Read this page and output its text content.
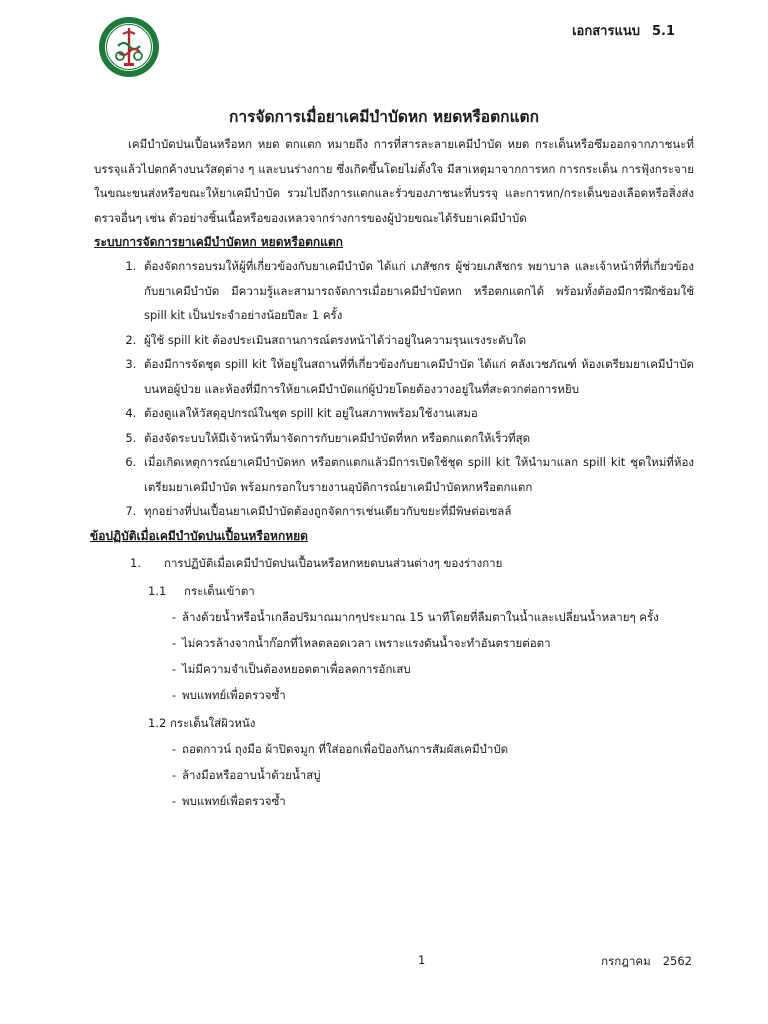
เอกสารแนบ 5.1
การจัดการเมื่อยาเคมีบำบัดหก หยดหรือตกแตก

เคมีบำบัดปนเปื้อนหรือหก หยด ตกแตก หมายถึง การที่สารละลายเคมีบำบัด หยด กระเด็นหรือซึมออกจากภาชนะที่บรรจุแล้วไปตกค้างบนวัสดุต่าง ๆ และบนร่างกาย ซึ่งเกิดขึ้นโดยไม่ตั้งใจ มีสาเหตุมาจากการหก การกระเด็น การฟุ้งกระจาย ในขณะขนส่งหรือขณะให้ยาเคมีบำบัด รวมไปถึงการแตกและรั่วของภาชนะที่บรรจุ และการหก/กระเด็นของเลือดหรือสิ่งส่งตรวจอื่นๆ เช่น ตัวอย่างชิ้นเนื้อหรือของเหลวจากร่างการของผู้ป่วยขณะได้รับยาเคมีบำบัด

ระบบการจัดการยาเคมีบำบัดหก หยดหรือตกแตก
1. ต้องจัดการอบรมให้ผู้ที่เกี่ยวข้องกับยาเคมีบำบัด ได้แก่ เภสัชกร ผู้ช่วยเภสัชกร พยาบาล และเจ้าหน้าที่ที่เกี่ยวข้องกับยาเคมีบำบัด มีความรู้และสามารถจัดการเมื่อยาเคมีบำบัดหก หรือตกแตกได้ พร้อมทั้งต้องมีการฝึกซ้อมใช้ spill kit เป็นประจำอย่างน้อยปีละ 1 ครั้ง
2. ผู้ใช้ spill kit ต้องประเมินสถานการณ์ตรงหน้าได้ว่าอยู่ในความรุนแรงระดับใด
3. ต้องมีการจัดชุด spill kit ให้อยู่ในสถานที่ที่เกี่ยวข้องกับยาเคมีบำบัด ได้แก่ คลังเวชภัณฑ์ ห้องเตรียมยาเคมีบำบัด บนหอผู้ป่วย และห้องที่มีการให้ยาเคมีบำบัดแก่ผู้ป่วยโดยต้องวางอยู่ในที่สะดวกต่อการหยิบ
4. ต้องดูแลให้วัสดุอุปกรณ์ในชุด spill kit อยู่ในสภาพพร้อมใช้งานเสมอ
5. ต้องจัดระบบให้มีเจ้าหน้าที่มาจัดการกับยาเคมีบำบัดที่หก หรือตกแตกให้เร็วที่สุด
6. เมื่อเกิดเหตุการณ์ยาเคมีบำบัดหก หรือตกแตกแล้วมีการเปิดใช้ชุด spill kit ให้นำมาแลก spill kit ชุดใหม่ที่ห้องเตรียมยาเคมีบำบัด พร้อมกรอกใบรายงานอุบัติการณ์ยาเคมีบำบัดหกหรือตกแตก
7. ทุกอย่างที่ปนเปื้อนยาเคมีบำบัดต้องถูกจัดการเช่นเดียวกับขยะที่มีพิษต่อเซลล์
ข้อปฏิบัติเมื่อเคมีบำบัดปนเปื้อนหรือหกหยด
1. การปฏิบัติเมื่อเคมีบำบัดปนเปื้อนหรือหกหยดบนส่วนต่างๆ ของร่างกาย
1.1 กระเด็นเข้าตา
- ล้างด้วยน้ำหรือน้ำเกลือปริมาณมากๆประมาณ 15 นาทีโดยที่ลืมตาในน้ำและเปลี่ยนน้ำหลายๆ ครั้ง
- ไม่ควรล้างจากน้ำก๊อกที่ไหลตลอดเวลา เพราะแรงดันน้ำจะทำอันตรายต่อตา
- ไม่มีความจำเป็นต้องหยอดตาเพื่อลดการอักเสบ
- พบแพทย์เพื่อตรวจซ้ำ
1.2 กระเด็นใส่ผิวหนัง
- ถอดกาวน์ ถุงมือ ผ้าปิดจมูก ที่ใส่ออกเพื่อป้องกันการสัมผัสเคมีบำบัด
- ล้างมือหรืออาบน้ำด้วยน้ำสบู่
- พบแพทย์เพื่อตรวจซ้ำ
1	กรกฎาคม 2562
